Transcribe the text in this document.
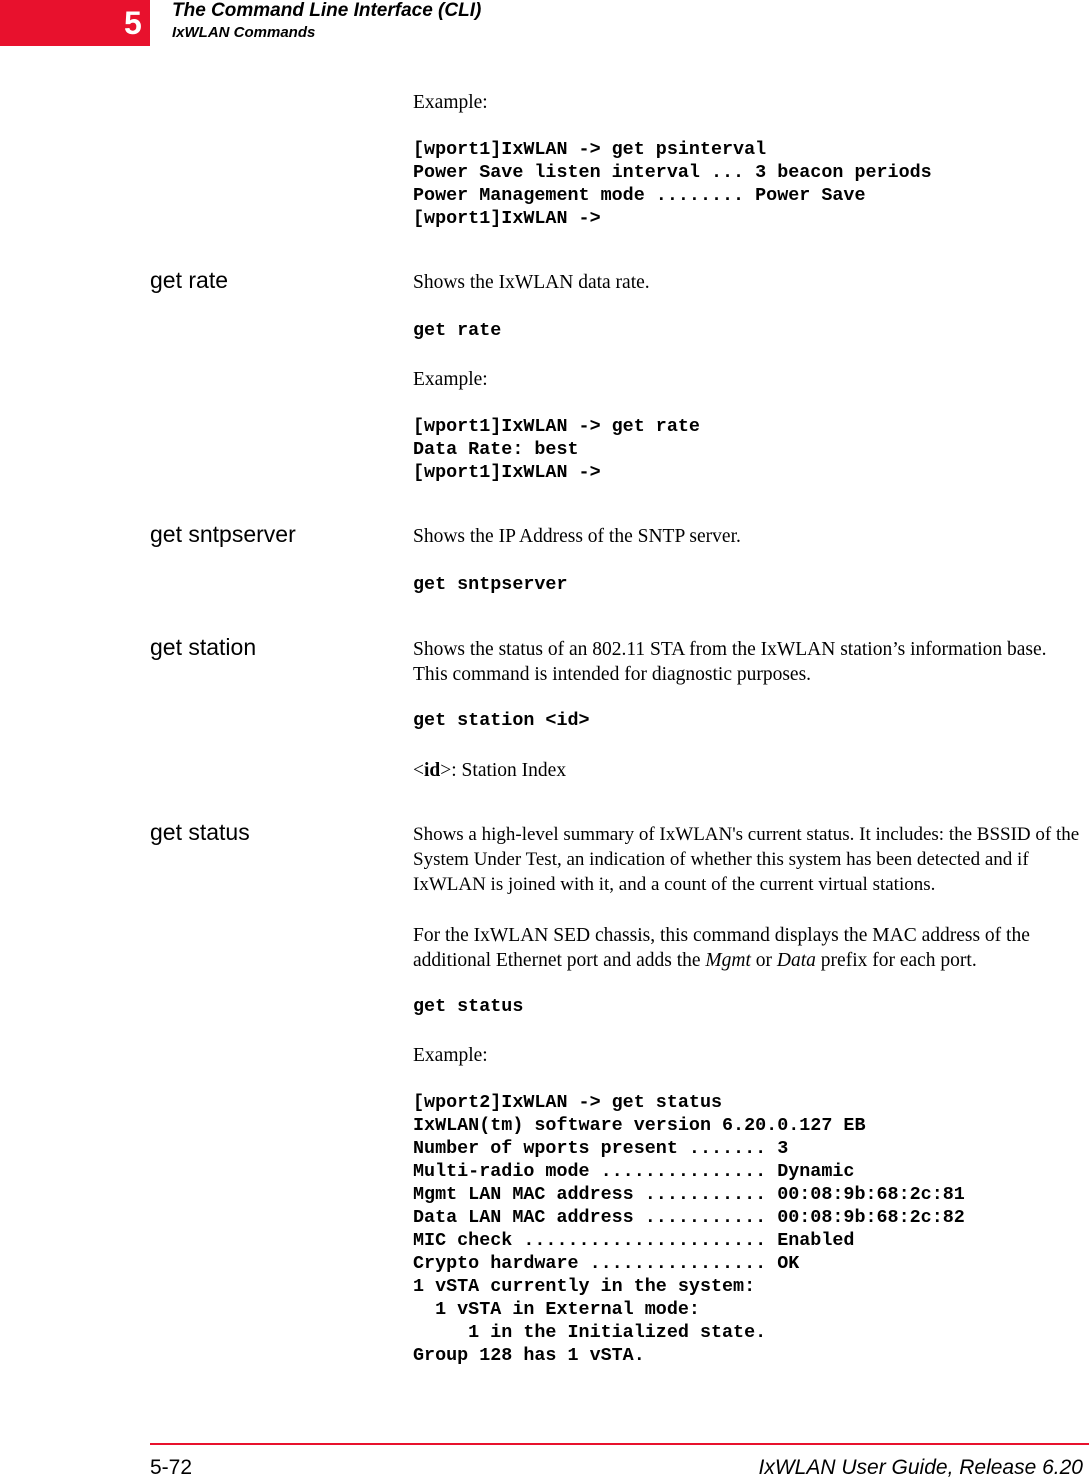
5 The Command Line Interface (CLI)
IxWLAN Commands
Example:
[wport1]IxWLAN -> get psinterval
Power Save listen interval ... 3 beacon periods
Power Management mode ........ Power Save
[wport1]IxWLAN ->
get rate	Shows the IxWLAN data rate.
get rate
Example:
[wport1]IxWLAN -> get rate
Data Rate: best
[wport1]IxWLAN ->
get sntpserver	Shows the IP Address of the SNTP server.
get sntpserver
get station	Shows the status of an 802.11 STA from the IxWLAN station’s information base. This command is intended for diagnostic purposes.
get station <id>
<id>: Station Index
get status	Shows a high-level summary of IxWLAN's current status. It includes: the BSSID of the System Under Test, an indication of whether this system has been detected and if IxWLAN is joined with it, and a count of the current virtual stations.
For the IxWLAN SED chassis, this command displays the MAC address of the additional Ethernet port and adds the Mgmt or Data prefix for each port.
get status
Example:
[wport2]IxWLAN -> get status
IxWLAN(tm) software version 6.20.0.127 EB
Number of wports present ....... 3
Multi-radio mode ............... Dynamic
Mgmt LAN MAC address ........... 00:08:9b:68:2c:81
Data LAN MAC address ........... 00:08:9b:68:2c:82
MIC check ...................... Enabled
Crypto hardware ................ OK
1 vSTA currently in the system:
1 vSTA in External mode:
1 in the Initialized state.
Group 128 has 1 vSTA.
5-72	IxWLAN User Guide, Release 6.20
